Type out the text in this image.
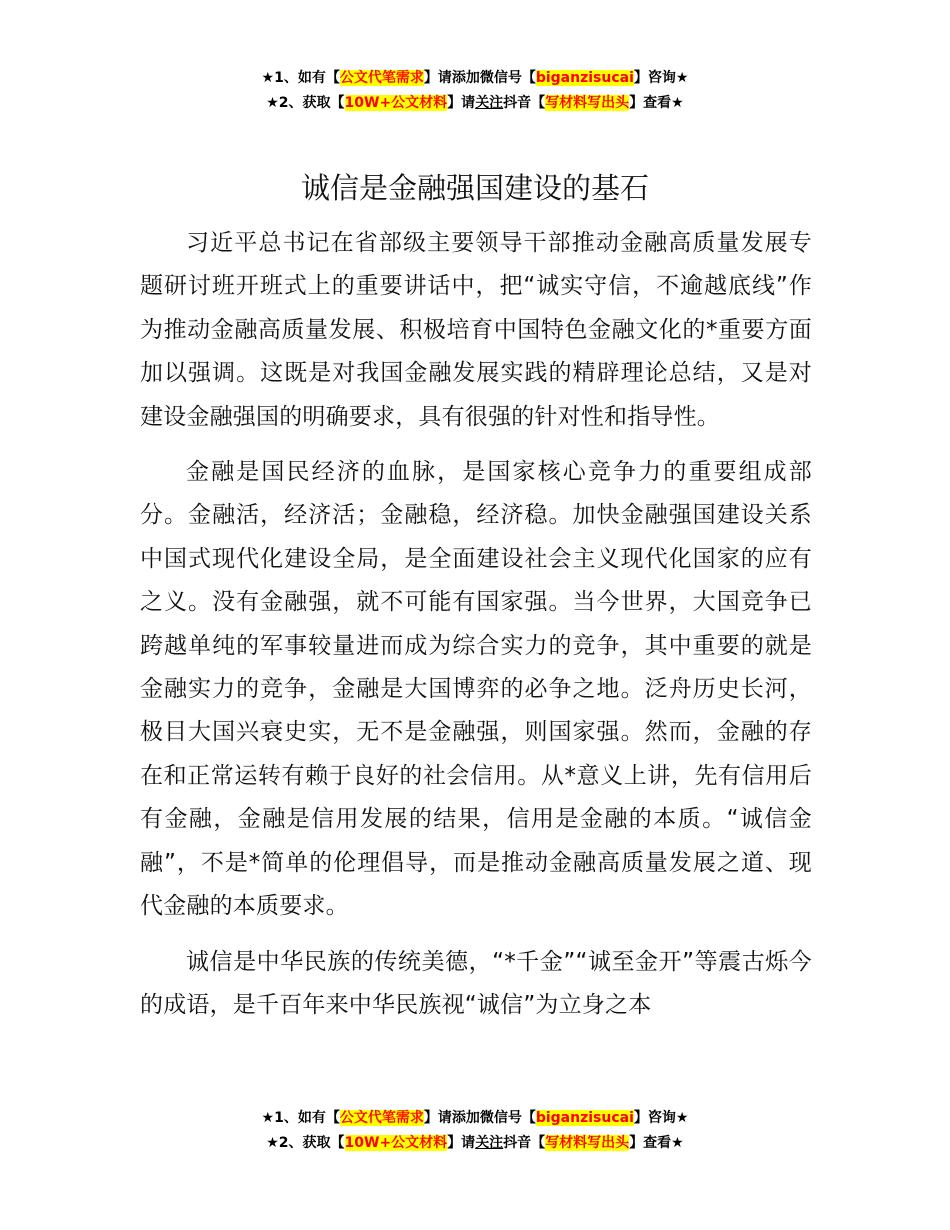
★1、如有【公文代笔需求】请添加微信号【biganzisucai】咨询★
★2、获取【10W+公文材料】请关注抖音【写材料写出头】查看★
诚信是金融强国建设的基石

习近平总书记在省部级主要领导干部推动金融高质量发展专题研讨班开班式上的重要讲话中，把“诚实守信，不逾越底线”作为推动金融高质量发展、积极培育中国特色金融文化的*重要方面加以强调。这既是对我国金融发展实践的精辟理论总结，又是对建设金融强国的明确要求，具有很强的针对性和指导性。

金融是国民经济的血脉，是国家核心竞争力的重要组成部分。金融活，经济活；金融稳，经济稳。加快金融强国建设关系中国式现代化建设全局，是全面建设社会主义现代化国家的应有之义。没有金融强，就不可能有国家强。当今世界，大国竞争已跨越单纯的军事较量进而成为综合实力的竞争，其中重要的就是金融实力的竞争，金融是大国博弈的必争之地。泛舟历史长河，极目大国兴衰史实，无不是金融强，则国家强。然而，金融的存在和正常运转有赖于良好的社会信用。从*意义上讲，先有信用后有金融，金融是信用发展的结果，信用是金融的本质。“诚信金融”，不是*简单的伦理倡导，而是推动金融高质量发展之道、现代金融的本质要求。

诚信是中华民族的传统美德，“*千金”“诚至金开”等震古烁今的成语，是千百年来中华民族视“诚信”为立身之本

★1、如有【公文代笔需求】请添加微信号【biganzisucai】咨询★
★2、获取【10W+公文材料】请关注抖音【写材料写出头】查看★
